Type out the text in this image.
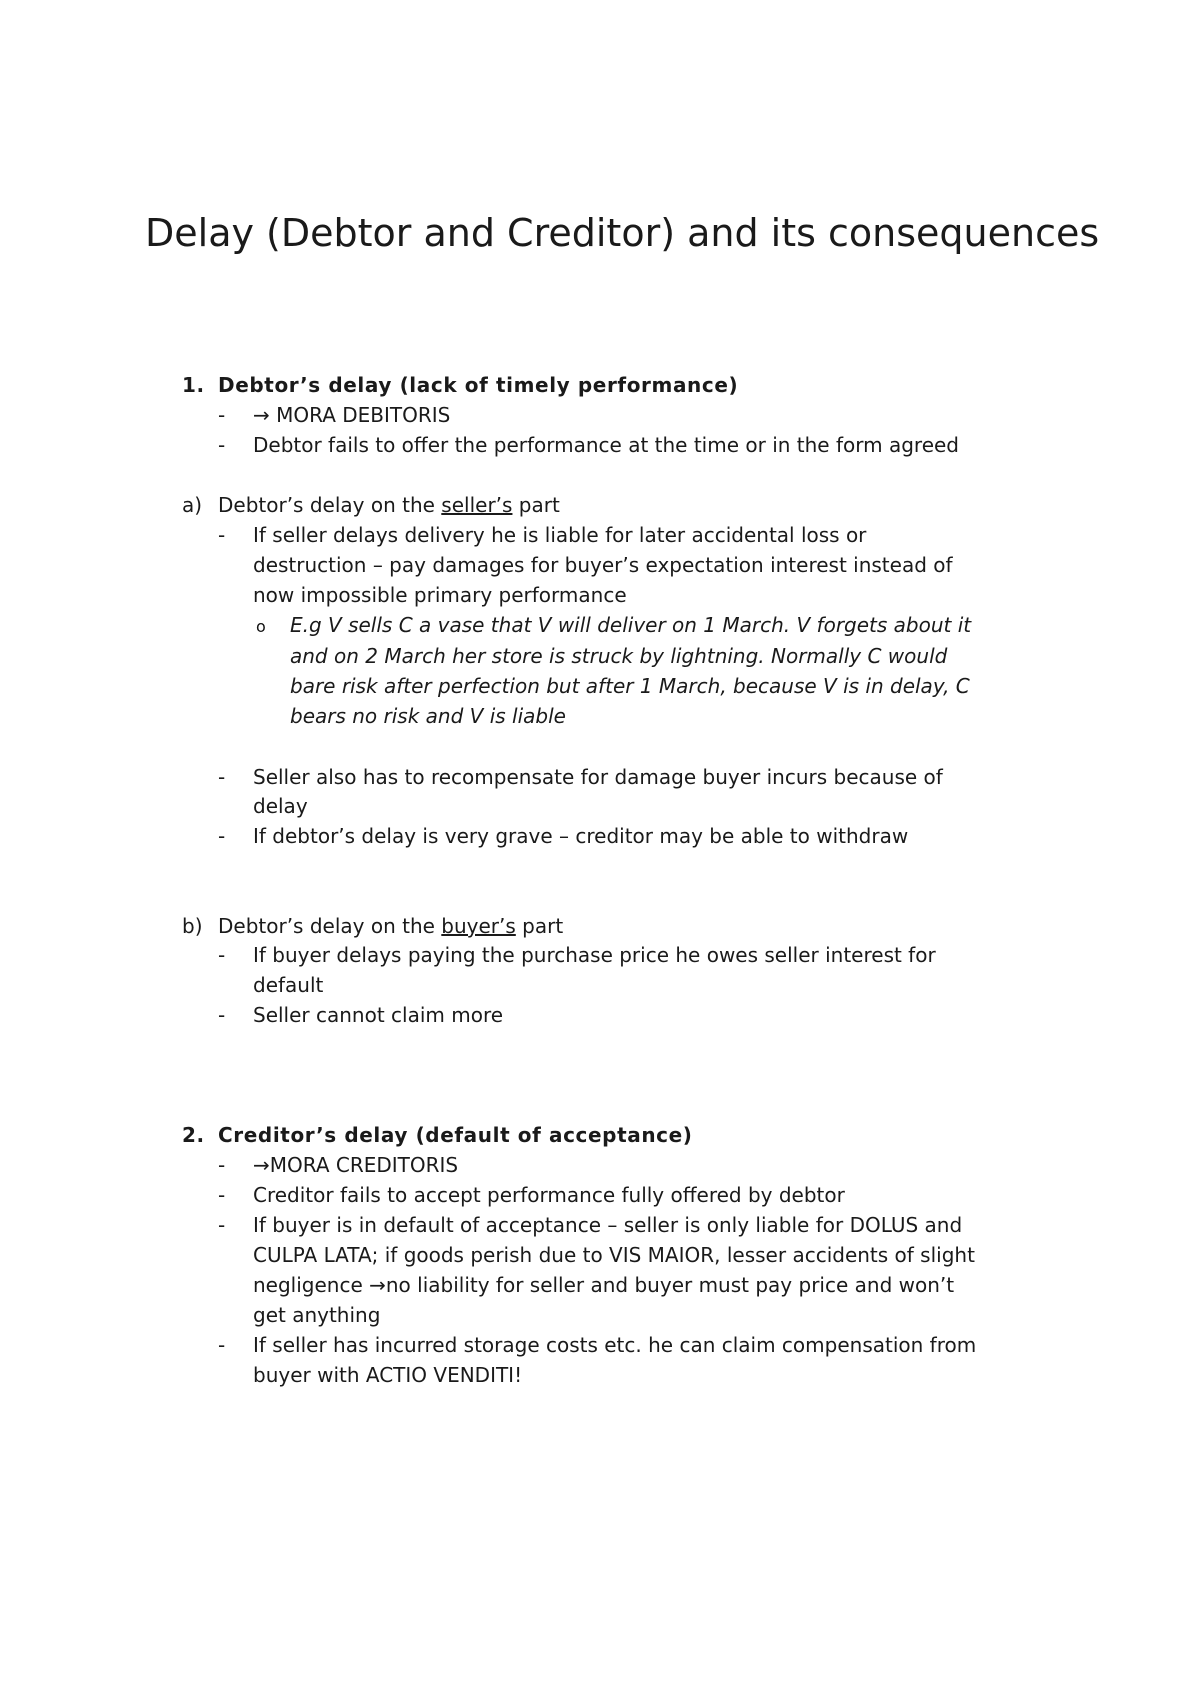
Delay (Debtor and Creditor) and its consequences
1. Debtor’s delay (lack of timely performance)
- → MORA DEBITORIS
- Debtor fails to offer the performance at the time or in the form agreed
a) Debtor’s delay on the seller’s part
- If seller delays delivery he is liable for later accidental loss or
destruction – pay damages for buyer’s expectation interest instead of
now impossible primary performance
o E.g V sells C a vase that V will deliver on 1 March. V forgets about it
and on 2 March her store is struck by lightning. Normally C would
bare risk after perfection but after 1 March, because V is in delay, C
bears no risk and V is liable
- Seller also has to recompensate for damage buyer incurs because of
delay
- If debtor’s delay is very grave – creditor may be able to withdraw
b) Debtor’s delay on the buyer’s part
- If buyer delays paying the purchase price he owes seller interest for
default
- Seller cannot claim more
2. Creditor’s delay (default of acceptance)
- →MORA CREDITORIS
- Creditor fails to accept performance fully offered by debtor
- If buyer is in default of acceptance – seller is only liable for DOLUS and
CULPA LATA; if goods perish due to VIS MAIOR, lesser accidents of slight
negligence →no liability for seller and buyer must pay price and won’t
get anything
- If seller has incurred storage costs etc. he can claim compensation from
buyer with ACTIO VENDITI!
